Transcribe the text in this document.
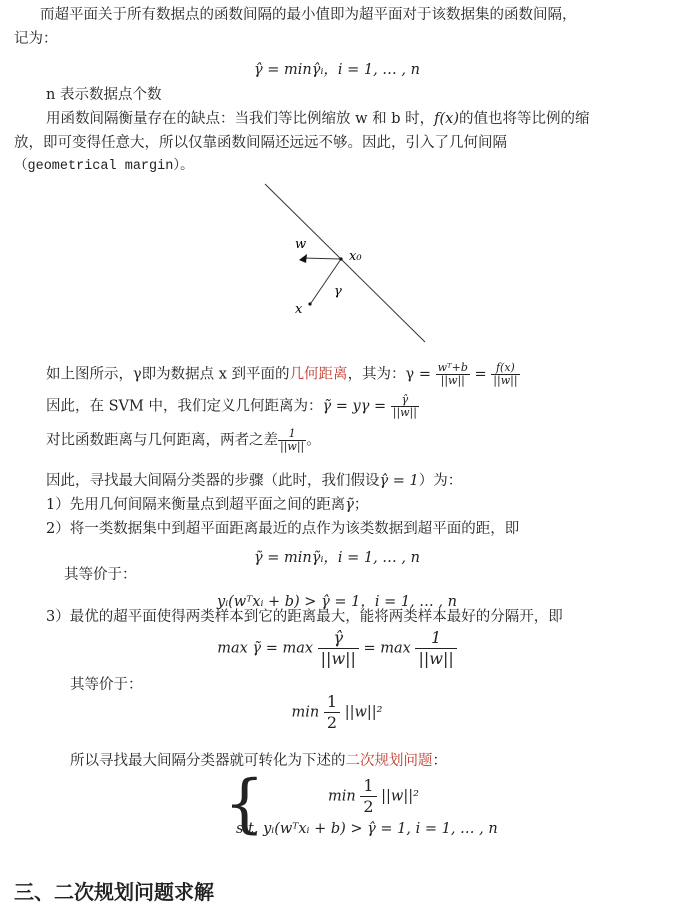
而超平面关于所有数据点的函数间隔的最小值即为超平面对于该数据集的函数间隔，
记为：
γ̂ = minγ̂ᵢ，i = 1, … , n
n 表示数据点个数
用函数间隔衡量存在的缺点：当我们等比例缩放 w 和 b 时，f(x)的值也将等比例的缩
放，即可变得任意大，所以仅靠函数间隔还远远不够。因此，引入了几何间隔
（geometrical margin）。
w
x₀
γ
x
如上图所示，γ即为数据点 x 到平面的几何距离，其为：$\gamma = \frac{\text{wᵀ+b}}{||w||} = \frac{f(x)}{||w||}$
因此，在 SVM 中，我们定义几何距离为：γ̃ = $y\gamma = \frac{\gammâ}{||w||}$
对比函数距离与几何距离，两者之差 $\frac{1}{||w||}$ 。
因此，寻找最大间隔分类器的步骤（此时，我们假设γ̂ = 1）为：
1）先用几何间隔来衡量点到超平面之间的距离γ̃；
2）将一类数据集中到超平面距离最近的点作为该类数据到超平面的距，即
γ̃ = minγ̃ᵢ，i = 1, … , n
其等价于：
yᵢ(wᵀxᵢ + b) > γ̂ = 1，i = 1, … , n
3）最优的超平面使得两类样本到它的距离最大，能将两类样本最好的分隔开，即
max γ̃ = $\max \frac{\gammâ}{||w||} = \max \frac{1}{||w||}$
其等价于：
$\min \frac{1}{2} ||w||^2$
所以寻找最大间隔分类器就可转化为下述的二次规划问题：
{	$\min \frac{1}{2} ||w||^2$
s.t. yᵢ(wᵀxᵢ + b) > γ̂ = 1, i = 1, … , n
三、二次规划问题求解
